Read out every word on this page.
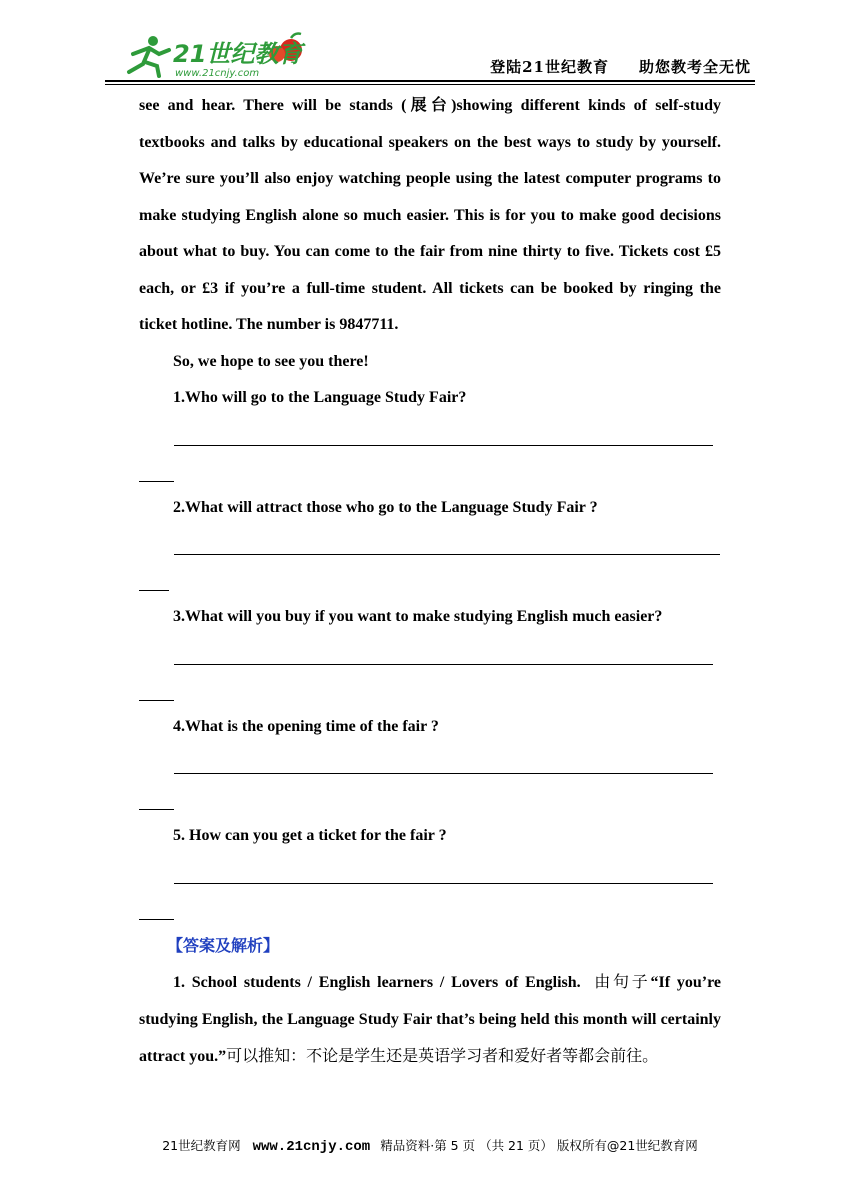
21世纪教育
www.21cnjy.com	登陆21世纪教育 助您教考全无忧

see and hear. There will be stands (展台)showing different kinds of self-study textbooks and talks by educational speakers on the best ways to study by yourself. We’re sure you’ll also enjoy watching people using the latest computer programs to make studying English alone so much easier. This is for you to make good decisions about what to buy. You can come to the fair from nine thirty to five. Tickets cost £5 each, or £3 if you’re a full-time student. All tickets can be booked by ringing the ticket hotline. The number is 9847711.

So, we hope to see you there!

1.Who will go to the Language Study Fair?

2.What will attract those who go to the Language Study Fair ?

3.What will you buy if you want to make studying English much easier?

4.What is the opening time of the fair ?

5. How can you get a ticket for the fair ?

【答案及解析】

1. School students / English learners / Lovers of English. 由句子“If you’re studying English, the Language Study Fair that’s being held this month will certainly attract you.”可以推知：不论是学生还是英语学习者和爱好者等都会前往。

21世纪教育网 www.21cnjy.com 精品资料·第 5 页 （共 21 页） 版权所有@21世纪教育网
